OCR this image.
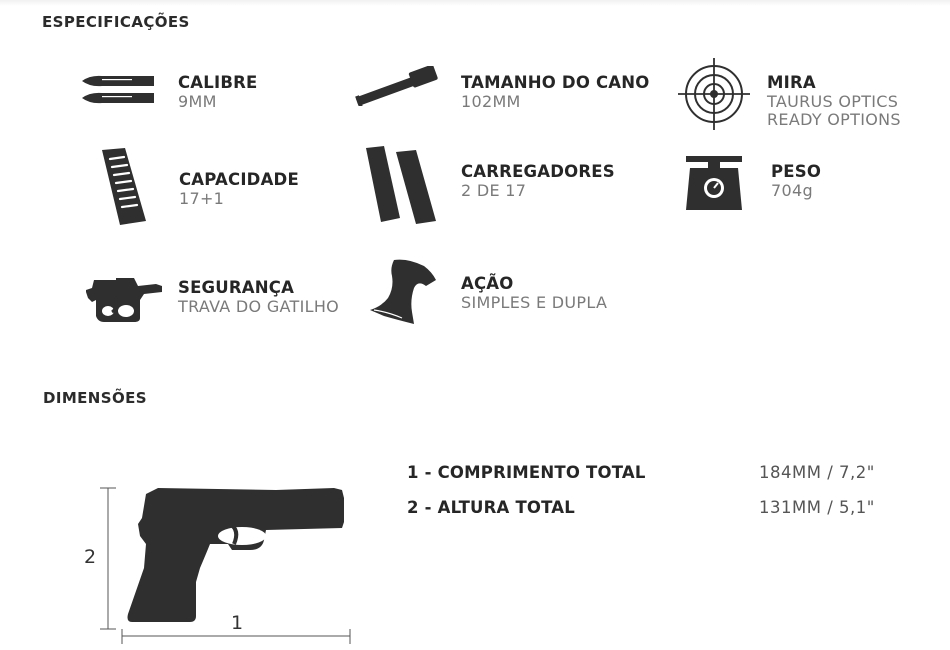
ESPECIFICAÇÕES
CALIBRE
9MM
TAMANHO DO CANO
102MM
MIRA
TAURUS OPTICS
READY OPTIONS
CAPACIDADE
17+1
CARREGADORES
2 DE 17
PESO
704g
SEGURANÇA
TRAVA DO GATILHO
AÇÃO
SIMPLES E DUPLA
DIMENSÕES
2
1
1 - COMPRIMENTO TOTAL	184MM / 7,2"
2 - ALTURA TOTAL	131MM / 5,1"
